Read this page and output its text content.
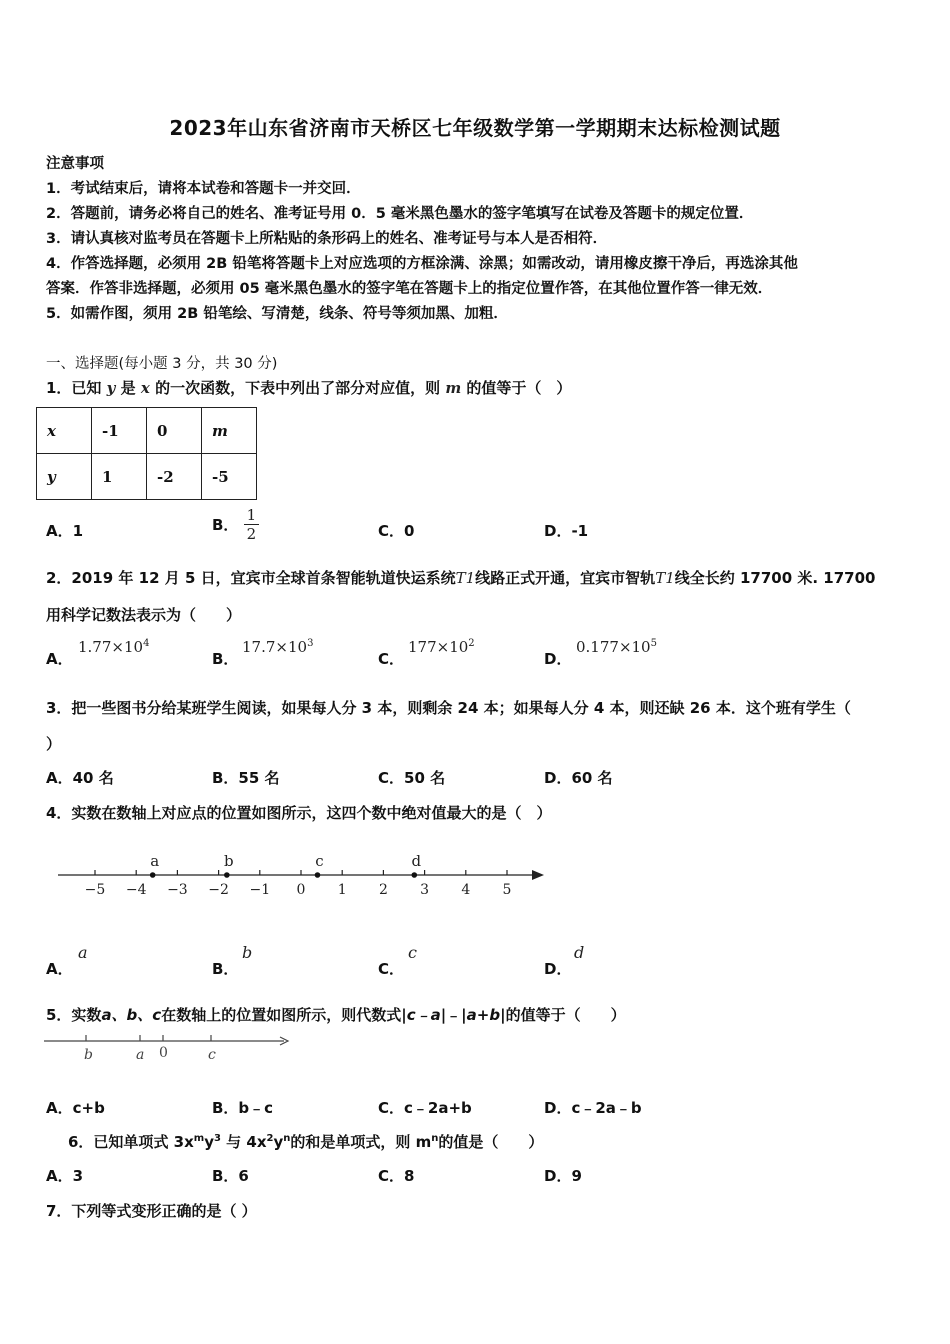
2023年山东省济南市天桥区七年级数学第一学期期末达标检测试题
注意事项
1．考试结束后，请将本试卷和答题卡一并交回．
2．答题前，请务必将自己的姓名、准考证号用 0．5 毫米黑色墨水的签字笔填写在试卷及答题卡的规定位置．
3．请认真核对监考员在答题卡上所粘贴的条形码上的姓名、准考证号与本人是否相符．
4．作答选择题，必须用 2B 铅笔将答题卡上对应选项的方框涂满、涂黑；如需改动，请用橡皮擦干净后，再选涂其他
答案．作答非选择题，必须用 05 毫米黑色墨水的签字笔在答题卡上的指定位置作答，在其他位置作答一律无效．
5．如需作图，须用 2B 铅笔绘、写清楚，线条、符号等须加黑、加粗．
一、选择题(每小题 3 分，共 30 分)
1．已知 y 是 x 的一次函数，下表中列出了部分对应值，则 m 的值等于（　）
x	-1	0	m
y	1	-2	-5
A．1	B． $\frac{1}{2}$	C．0	D．-1
2．2019 年 12 月 5 日，宜宾市全球首条智能轨道快运系统T1线路正式开通，宜宾市智轨T1线全长约 17700 米. 17700
用科学记数法表示为（　　）
A．
$1.77\times 10^4$
B．
$17.7\times 10^3$
C．
$177\times 10^2$
D．
$0.177\times 10^5$
3．把一些图书分给某班学生阅读，如果每人分 3 本，则剩余 24 本；如果每人分 4 本，则还缺 26 本．这个班有学生（
）
A．40 名	B．55 名	C．50 名	D．60 名
4．实数在数轴上对应点的位置如图所示，这四个数中绝对值最大的是（　）
−5 −4 −3 −2 −1 0 1 2 3 4 5
a	b	c	d
A．
a
B．
b
C．
c
D．
d
5．实数a、b、c在数轴上的位置如图所示，则代数式|c﹣a|﹣|a+b|的值等于（　　）
b	a 0	c
A．c+b	B．b﹣c	C．c﹣2a+b	D．c﹣2a﹣b
6．已知单项式 $3x^my^3$ 与 $4x^2y^n$的和是单项式，则 $m^n$的值是（　　）
A．3	B．6	C．8	D．9
7．下列等式变形正确的是（ ）
